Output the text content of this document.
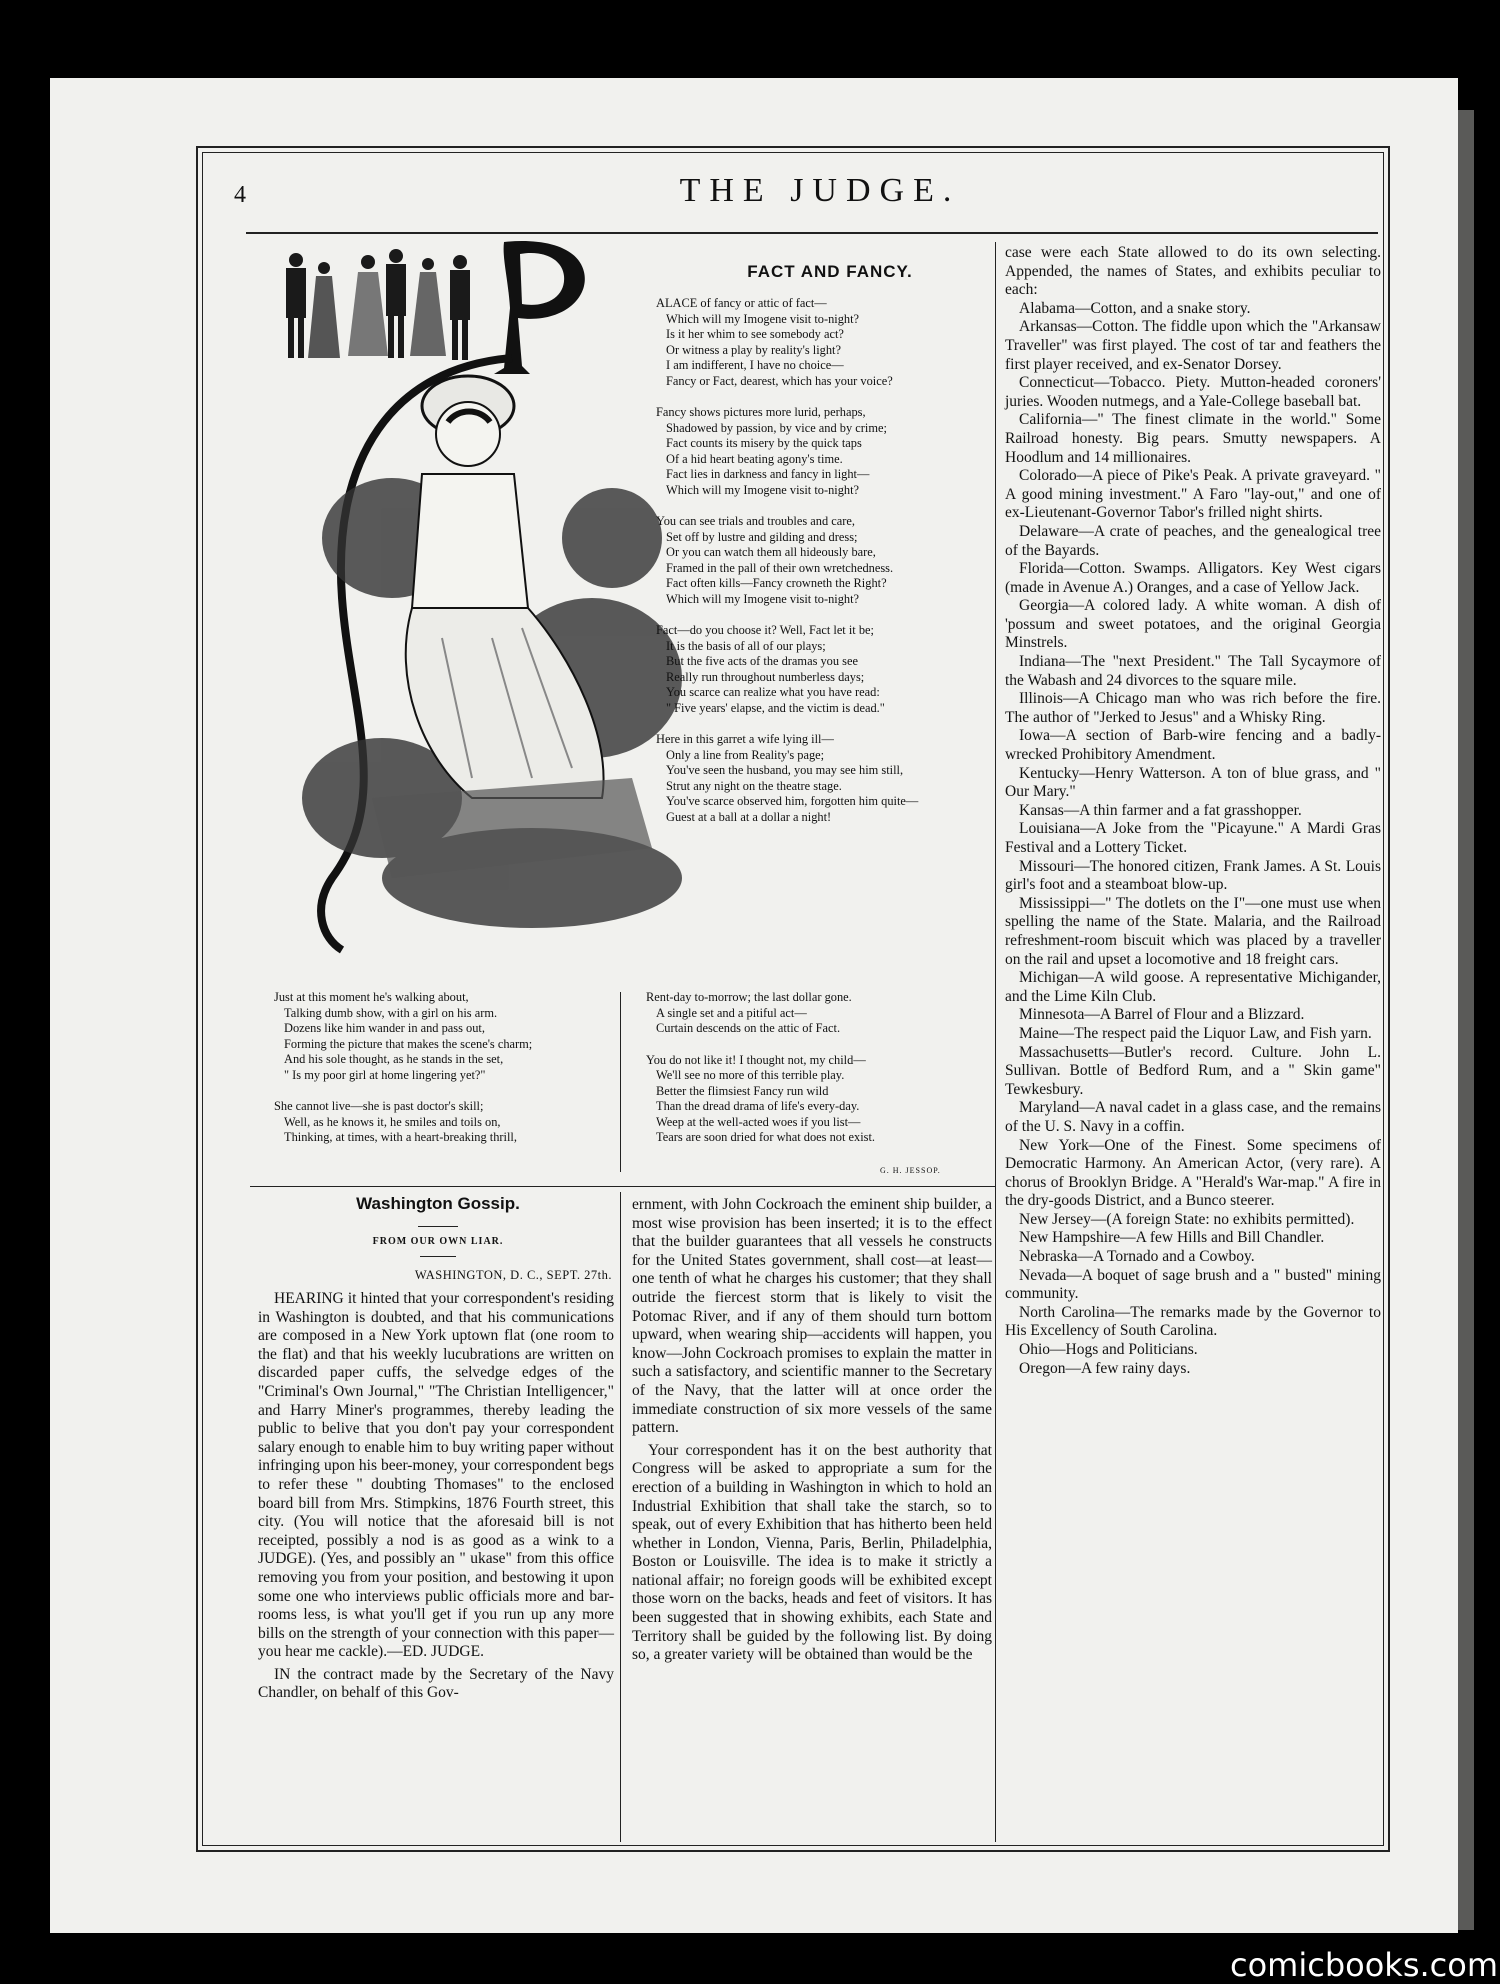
4	THE JUDGE.
FACT AND FANCY.
ALACE of fancy or attic of fact—
Which will my Imogene visit to-night?
Is it her whim to see somebody act?
Or witness a play by reality's light?
I am indifferent, I have no choice—
Fancy or Fact, dearest, which has your voice?
Fancy shows pictures more lurid, perhaps,
Shadowed by passion, by vice and by crime;
Fact counts its misery by the quick taps
Of a hid heart beating agony's time.
Fact lies in darkness and fancy in light—
Which will my Imogene visit to-night?
You can see trials and troubles and care,
Set off by lustre and gilding and dress;
Or you can watch them all hideously bare,
Framed in the pall of their own wretchedness.
Fact often kills—Fancy crowneth the Right?
Which will my Imogene visit to-night?
Fact—do you choose it? Well, Fact let it be;
It is the basis of all of our plays;
But the five acts of the dramas you see
Really run throughout numberless days;
You scarce can realize what you have read:
" Five years' elapse, and the victim is dead."
Here in this garret a wife lying ill—
Only a line from Reality's page;
You've seen the husband, you may see him still,
Strut any night on the theatre stage.
You've scarce observed him, forgotten him quite—
Guest at a ball at a dollar a night!
Just at this moment he's walking about,
Talking dumb show, with a girl on his arm.
Dozens like him wander in and pass out,
Forming the picture that makes the scene's charm;
And his sole thought, as he stands in the set,
" Is my poor girl at home lingering yet?"
She cannot live—she is past doctor's skill;
Well, as he knows it, he smiles and toils on,
Thinking, at times, with a heart-breaking thrill,
Rent-day to-morrow; the last dollar gone.
A single set and a pitiful act—
Curtain descends on the attic of Fact.
You do not like it! I thought not, my child—
We'll see no more of this terrible play.
Better the flimsiest Fancy run wild
Than the dread drama of life's every-day.
Weep at the well-acted woes if you list—
Tears are soon dried for what does not exist.
G. H. JESSOP.

case were each State allowed to do its own selecting. Appended, the names of States, and exhibits peculiar to each:

Alabama—Cotton, and a snake story.

Arkansas—Cotton. The fiddle upon which the "Arkansaw Traveller" was first played. The cost of tar and feathers the first player received, and ex-Senator Dorsey.

Connecticut—Tobacco. Piety. Mutton-headed coroners' juries. Wooden nutmegs, and a Yale-College baseball bat.

California—" The finest climate in the world." Some Railroad honesty. Big pears. Smutty newspapers. A Hoodlum and 14 millionaires.

Colorado—A piece of Pike's Peak. A private graveyard. " A good mining investment." A Faro "lay-out," and one of ex-Lieutenant-Governor Tabor's frilled night shirts.

Delaware—A crate of peaches, and the genealogical tree of the Bayards.

Florida—Cotton. Swamps. Alligators. Key West cigars (made in Avenue A.) Oranges, and a case of Yellow Jack.

Georgia—A colored lady. A white woman. A dish of 'possum and sweet potatoes, and the original Georgia Minstrels.

Indiana—The "next President." The Tall Sycaymore of the Wabash and 24 divorces to the square mile.

Illinois—A Chicago man who was rich before the fire. The author of "Jerked to Jesus" and a Whisky Ring.

Iowa—A section of Barb-wire fencing and a badly-wrecked Prohibitory Amendment.

Kentucky—Henry Watterson. A ton of blue grass, and " Our Mary."

Kansas—A thin farmer and a fat grasshopper.

Louisiana—A Joke from the "Picayune." A Mardi Gras Festival and a Lottery Ticket.

Missouri—The honored citizen, Frank James. A St. Louis girl's foot and a steamboat blow-up.

Mississippi—" The dotlets on the I"—one must use when spelling the name of the State. Malaria, and the Railroad refreshment-room biscuit which was placed by a traveller on the rail and upset a locomotive and 18 freight cars.

Michigan—A wild goose. A representative Michigander, and the Lime Kiln Club.

Minnesota—A Barrel of Flour and a Blizzard.

Maine—The respect paid the Liquor Law, and Fish yarn.

Massachusetts—Butler's record. Culture. John L. Sullivan. Bottle of Bedford Rum, and a " Skin game" Tewkesbury.

Maryland—A naval cadet in a glass case, and the remains of the U. S. Navy in a coffin.

New York—One of the Finest. Some specimens of Democratic Harmony. An American Actor, (very rare). A chorus of Brooklyn Bridge. A "Herald's War-map." A fire in the dry-goods District, and a Bunco steerer.

New Jersey—(A foreign State: no exhibits permitted).

New Hampshire—A few Hills and Bill Chandler.

Nebraska—A Tornado and a Cowboy.

Nevada—A boquet of sage brush and a " busted" mining community.

North Carolina—The remarks made by the Governor to His Excellency of South Carolina.

Ohio—Hogs and Politicians.

Oregon—A few rainy days.

Washington Gossip.
FROM OUR OWN LIAR.
WASHINGTON, D. C., SEPT. 27th.

HEARING it hinted that your correspondent's residing in Washington is doubted, and that his communications are composed in a New York uptown flat (one room to the flat) and that his weekly lucubrations are written on discarded paper cuffs, the selvedge edges of the "Criminal's Own Journal," "The Christian Intelligencer," and Harry Miner's programmes, thereby leading the public to belive that you don't pay your correspondent salary enough to enable him to buy writing paper without infringing upon his beer-money, your correspondent begs to refer these " doubting Thomases" to the enclosed board bill from Mrs. Stimpkins, 1876 Fourth street, this city. (You will notice that the aforesaid bill is not receipted, possibly a nod is as good as a wink to a JUDGE). (Yes, and possibly an " ukase" from this office removing you from your position, and bestowing it upon some one who interviews public officials more and bar-rooms less, is what you'll get if you run up any more bills on the strength of your connection with this paper—you hear me cackle).—ED. JUDGE.

IN the contract made by the Secretary of the Navy Chandler, on behalf of this Gov-

ernment, with John Cockroach the eminent ship builder, a most wise provision has been inserted; it is to the effect that the builder guarantees that all vessels he constructs for the United States government, shall cost—at least—one tenth of what he charges his customer; that they shall outride the fiercest storm that is likely to visit the Potomac River, and if any of them should turn bottom upward, when wearing ship—accidents will happen, you know—John Cockroach promises to explain the matter in such a satisfactory, and scientific manner to the Secretary of the Navy, that the latter will at once order the immediate construction of six more vessels of the same pattern.

Your correspondent has it on the best authority that Congress will be asked to appropriate a sum for the erection of a building in Washington in which to hold an Industrial Exhibition that shall take the starch, so to speak, out of every Exhibition that has hitherto been held whether in London, Vienna, Paris, Berlin, Philadelphia, Boston or Louisville. The idea is to make it strictly a national affair; no foreign goods will be exhibited except those worn on the backs, heads and feet of visitors. It has been suggested that in showing exhibits, each State and Territory shall be guided by the following list. By doing so, a greater variety will be obtained than would be the

comicbooks.com
